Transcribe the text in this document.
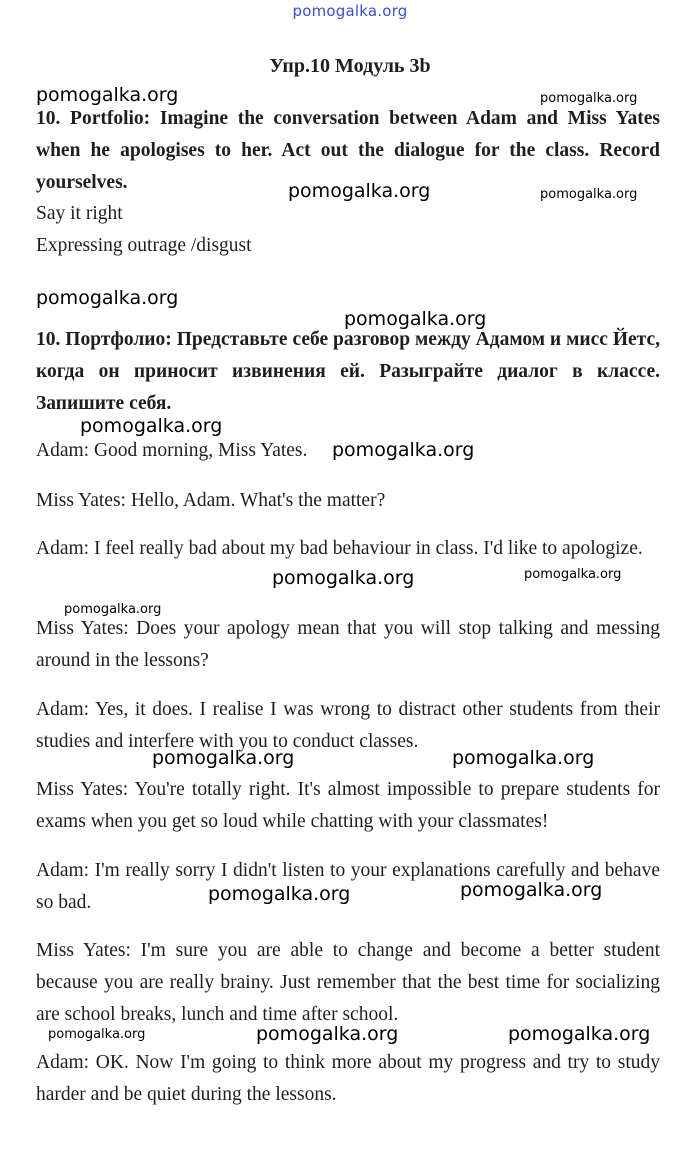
pomogalka.org
Упр.10 Модуль 3b

10. Portfolio: Imagine the conversation between Adam and Miss Yates when he apologises to her. Act out the dialogue for the class. Record yourselves.

Say it right

Expressing outrage /disgust

10. Портфолио: Представьте себе разговор между Адамом и мисс Йетс, когда он приносит извинения ей. Разыграйте диалог в классе. Запишите себя.

Adam: Good morning, Miss Yates.

Miss Yates: Hello, Adam. What's the matter?

Adam: I feel really bad about my bad behaviour in class. I'd like to apologize.

Miss Yates: Does your apology mean that you will stop talking and messing around in the lessons?

Adam: Yes, it does. I realise I was wrong to distract other students from their studies and interfere with you to conduct classes.

Miss Yates: You're totally right. It's almost impossible to prepare students for exams when you get so loud while chatting with your classmates!

Adam: I'm really sorry I didn't listen to your explanations carefully and behave so bad.

Miss Yates: I'm sure you are able to change and become a better student because you are really brainy. Just remember that the best time for socializing are school breaks, lunch and time after school.

Adam: OK. Now I'm going to think more about my progress and try to study harder and be quiet during the lessons.

pomogalka.org	pomogalka.org
pomogalka.org	pomogalka.org
pomogalka.org
pomogalka.org
pomogalka.org
pomogalka.org
pomogalka.org	pomogalka.org
pomogalka.org
pomogalka.org	pomogalka.org
pomogalka.org	pomogalka.org
pomogalka.org	pomogalka.org	pomogalka.org
